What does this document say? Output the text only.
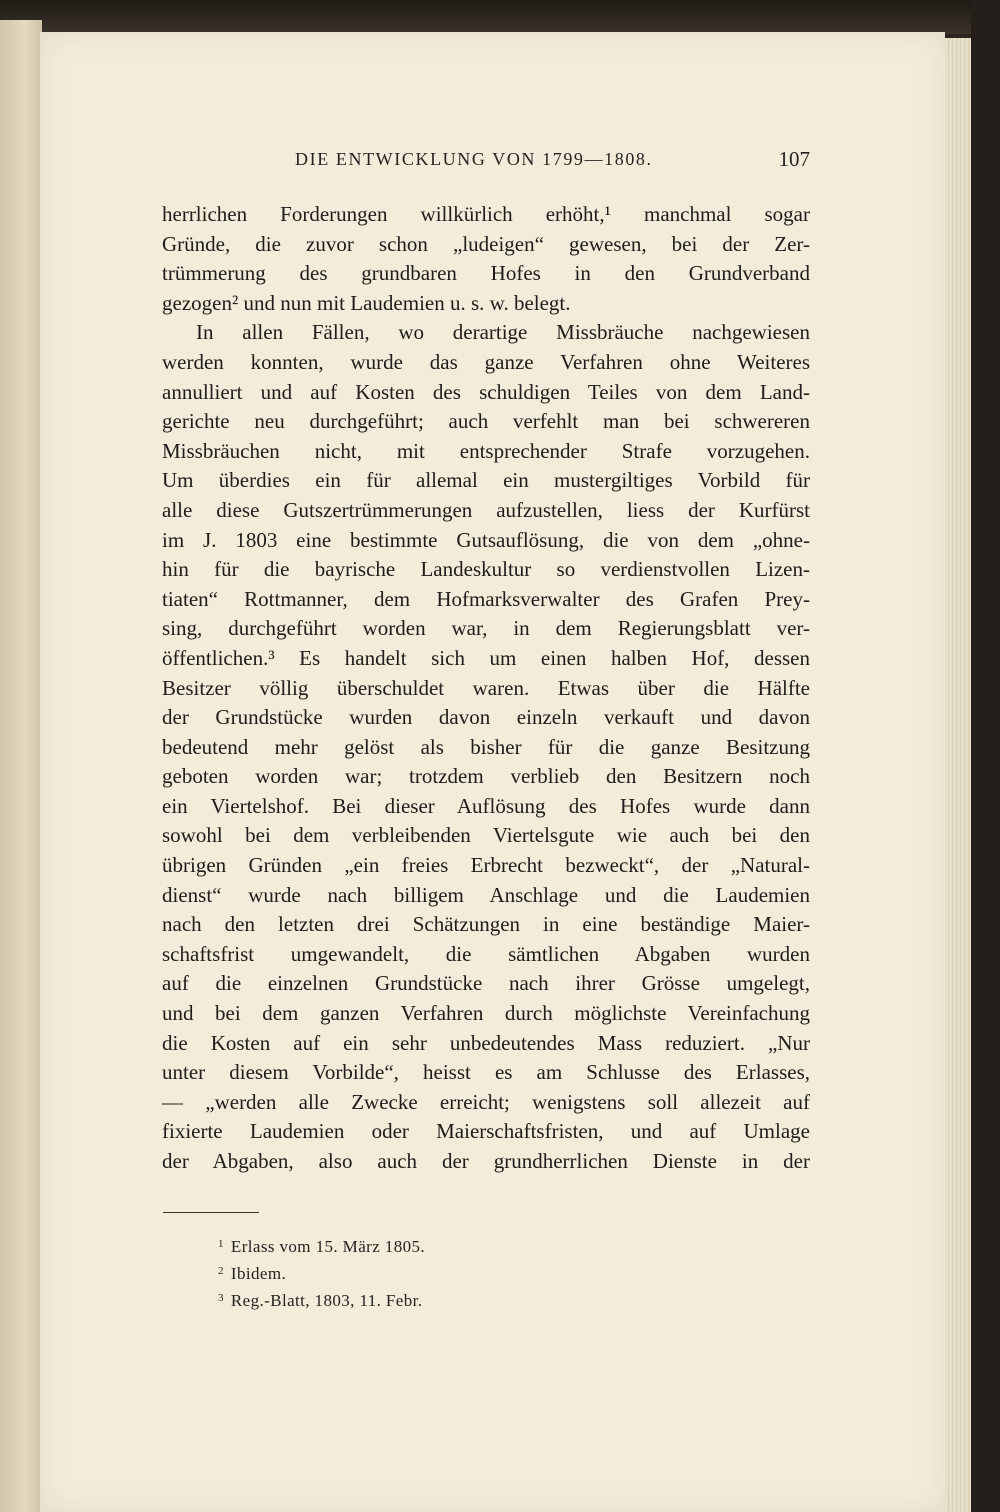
DIE ENTWICKLUNG VON 1799—1808.	107
herrlichen Forderungen willkürlich erhöht,¹ manchmal sogar
Gründe, die zuvor schon „ludeigen“ gewesen, bei der Zer-
trümmerung des grundbaren Hofes in den Grundverband
gezogen² und nun mit Laudemien u. s. w. belegt.
In allen Fällen, wo derartige Missbräuche nachgewiesen
werden konnten, wurde das ganze Verfahren ohne Weiteres
annulliert und auf Kosten des schuldigen Teiles von dem Land-
gerichte neu durchgeführt; auch verfehlt man bei schwereren
Missbräuchen nicht, mit entsprechender Strafe vorzugehen.
Um überdies ein für allemal ein mustergiltiges Vorbild für
alle diese Gutszertrümmerungen aufzustellen, liess der Kurfürst
im J. 1803 eine bestimmte Gutsauflösung, die von dem „ohne-
hin für die bayrische Landeskultur so verdienstvollen Lizen-
tiaten“ Rottmanner, dem Hofmarksverwalter des Grafen Prey-
sing, durchgeführt worden war, in dem Regierungsblatt ver-
öffentlichen.³ Es handelt sich um einen halben Hof, dessen
Besitzer völlig überschuldet waren. Etwas über die Hälfte
der Grundstücke wurden davon einzeln verkauft und davon
bedeutend mehr gelöst als bisher für die ganze Besitzung
geboten worden war; trotzdem verblieb den Besitzern noch
ein Viertelshof. Bei dieser Auflösung des Hofes wurde dann
sowohl bei dem verbleibenden Viertelsgute wie auch bei den
übrigen Gründen „ein freies Erbrecht bezweckt“, der „Natural-
dienst“ wurde nach billigem Anschlage und die Laudemien
nach den letzten drei Schätzungen in eine beständige Maier-
schaftsfrist umgewandelt, die sämtlichen Abgaben wurden
auf die einzelnen Grundstücke nach ihrer Grösse umgelegt,
und bei dem ganzen Verfahren durch möglichste Vereinfachung
die Kosten auf ein sehr unbedeutendes Mass reduziert. „Nur
unter diesem Vorbilde“, heisst es am Schlusse des Erlasses,
— „werden alle Zwecke erreicht; wenigstens soll allezeit auf
fixierte Laudemien oder Maierschaftsfristen, und auf Umlage
der Abgaben, also auch der grundherrlichen Dienste in der
$^1$ Erlass vom 15. März 1805.
$^2$ Ibidem.
$^3$ Reg.-Blatt, 1803, 11. Febr.
